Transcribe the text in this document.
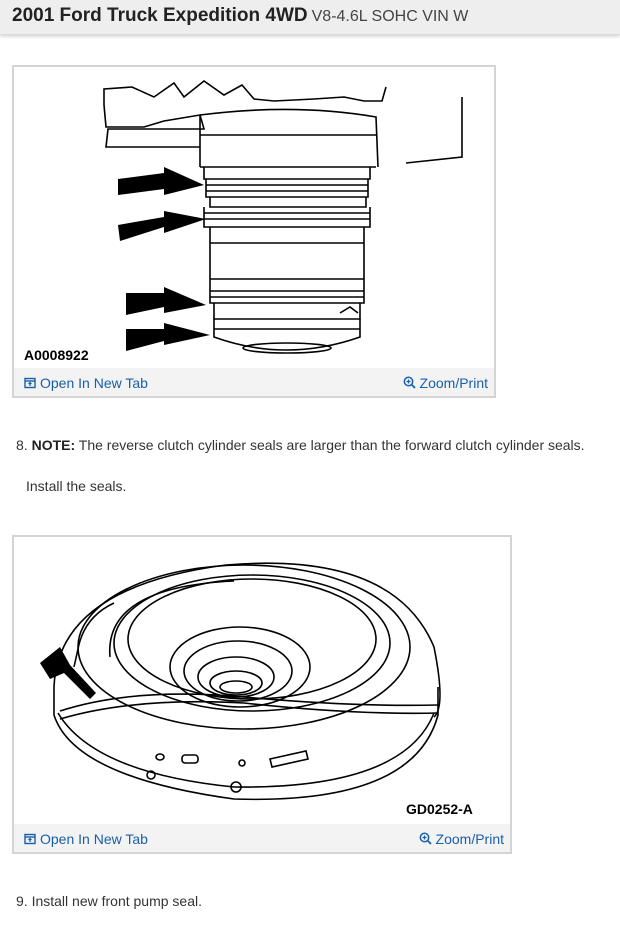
2001 Ford Truck Expedition 4WD V8-4.6L SOHC VIN W
A0008922
Open In New Tab	Zoom/Print
8. NOTE: The reverse clutch cylinder seals are larger than the forward clutch cylinder seals.
Install the seals.
GD0252-A
Open In New Tab	Zoom/Print
9. Install new front pump seal.
